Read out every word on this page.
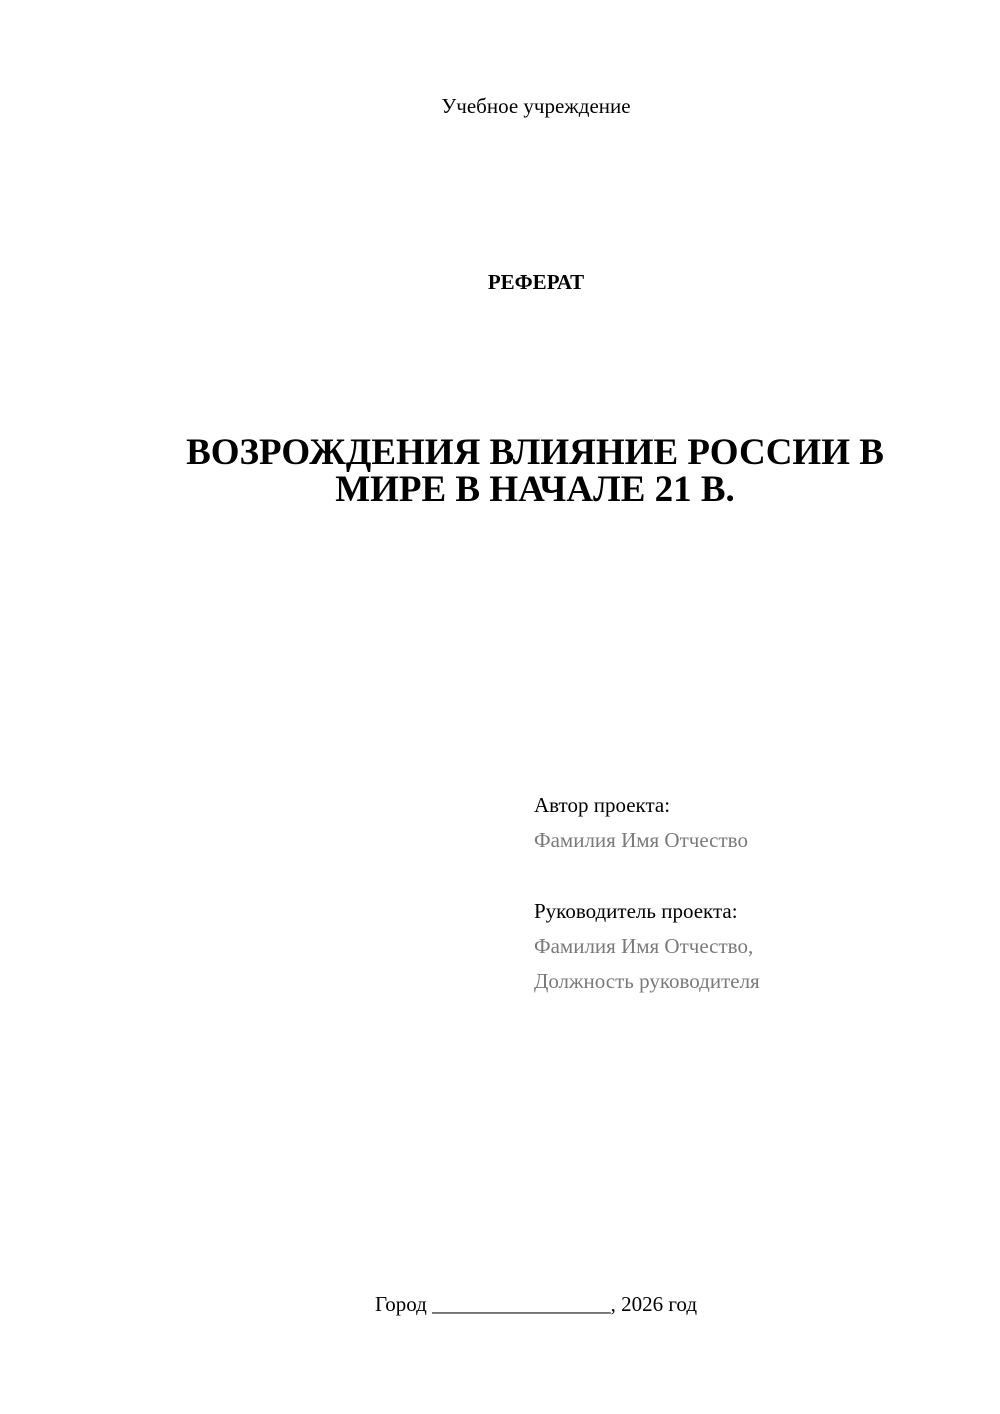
Учебное учреждение
РЕФЕРАТ
ВОЗРОЖДЕНИЯ ВЛИЯНИЕ РОССИИ В
МИРЕ В НАЧАЛЕ 21 В.
Автор проекта:
Фамилия Имя Отчество
Руководитель проекта:
Фамилия Имя Отчество,
Должность руководителя
Город _________________, 2026 год
